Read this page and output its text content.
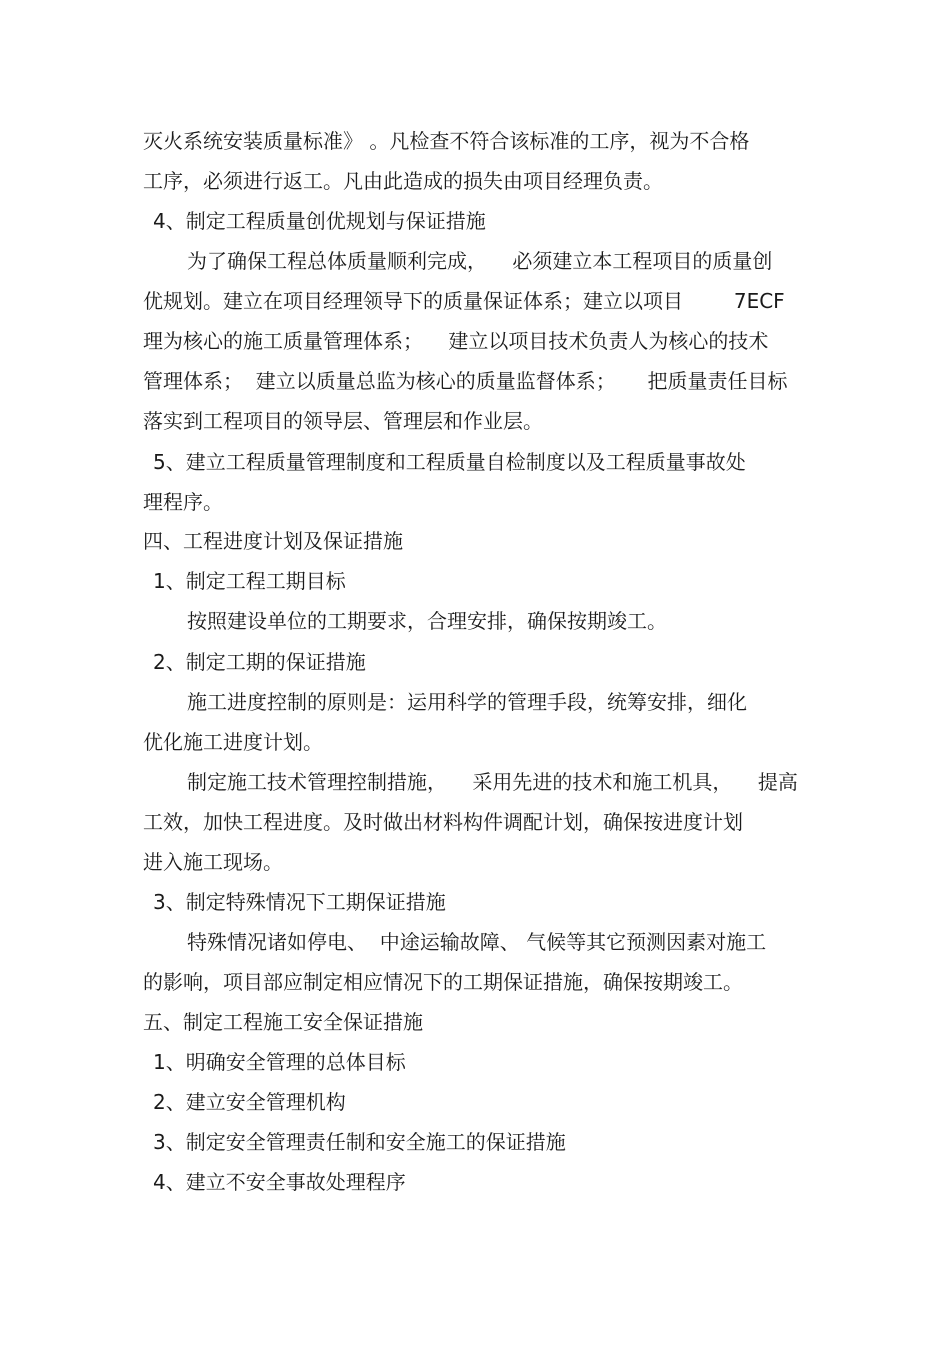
灭火系统安装质量标准》 。凡检查不符合该标准的工序，视为不合格
工序，必须进行返工。凡由此造成的损失由项目经理负责。
4、制定工程质量创优规划与保证措施
为了确保工程总体质量顺利完成，    必须建立本工程项目的质量创
优规划。建立在项目经理领导下的质量保证体系；建立以项目        7ECF
理为核心的施工质量管理体系；    建立以项目技术负责人为核心的技术
管理体系；  建立以质量总监为核心的质量监督体系；     把质量责任目标
落实到工程项目的领导层、管理层和作业层。
5、建立工程质量管理制度和工程质量自检制度以及工程质量事故处
理程序。
四、工程进度计划及保证措施
1、制定工程工期目标
按照建设单位的工期要求，合理安排，确保按期竣工。
2、制定工期的保证措施
施工进度控制的原则是：运用科学的管理手段，统筹安排，细化
优化施工进度计划。
制定施工技术管理控制措施，    采用先进的技术和施工机具，    提高
工效，加快工程进度。及时做出材料构件调配计划，确保按进度计划
进入施工现场。
3、制定特殊情况下工期保证措施
特殊情况诸如停电、  中途运输故障、 气候等其它预测因素对施工
的影响，项目部应制定相应情况下的工期保证措施，确保按期竣工。
五、制定工程施工安全保证措施
1、明确安全管理的总体目标
2、建立安全管理机构
3、制定安全管理责任制和安全施工的保证措施
4、建立不安全事故处理程序
